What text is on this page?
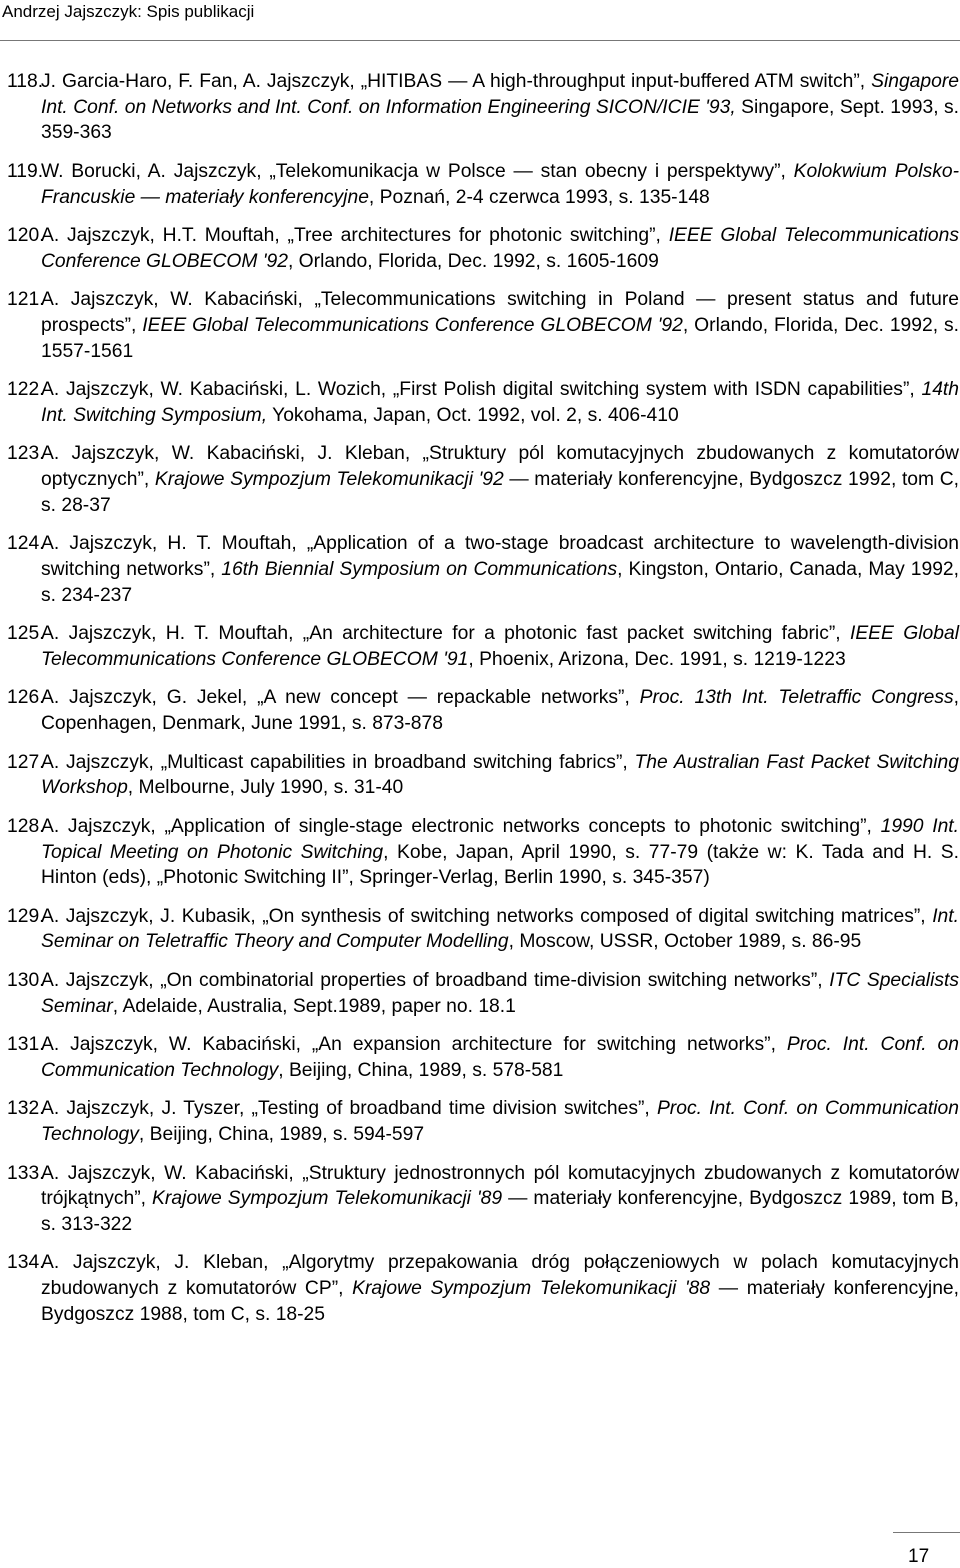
Andrzej Jajszczyk: Spis publikacji

118.J. Garcia-Haro, F. Fan, A. Jajszczyk, „HITIBAS — A high-throughput input-buffered ATM switch”, Singapore Int. Conf. on Networks and Int. Conf. on Information Engineering SICON/ICIE '93, Singapore, Sept. 1993, s. 359-363

119.W. Borucki, A. Jajszczyk, „Telekomunikacja w Polsce — stan obecny i perspektywy”, Kolokwium Polsko-Francuskie — materiały konferencyjne, Poznań, 2-4 czerwca 1993, s. 135-148

120.A. Jajszczyk, H.T. Mouftah, „Tree architectures for photonic switching”, IEEE Global Telecommunications Conference GLOBECOM '92, Orlando, Florida, Dec. 1992, s. 1605-1609

121.A. Jajszczyk, W. Kabaciński, „Telecommunications switching in Poland — present status and future prospects”, IEEE Global Telecommunications Conference GLOBECOM '92, Orlando, Florida, Dec. 1992, s. 1557-1561

122.A. Jajszczyk, W. Kabaciński, L. Wozich, „First Polish digital switching system with ISDN capabilities”, 14th Int. Switching Symposium, Yokohama, Japan, Oct. 1992, vol. 2, s. 406-410

123.A. Jajszczyk, W. Kabaciński, J. Kleban, „Struktury pól komutacyjnych zbudowanych z komutatorów optycznych”, Krajowe Sympozjum Telekomunikacji '92 — materiały konferencyjne, Bydgoszcz 1992, tom C, s. 28-37

124.A. Jajszczyk, H. T. Mouftah, „Application of a two-stage broadcast architecture to wavelength-division switching networks”, 16th Biennial Symposium on Communications, Kingston, Ontario, Canada, May 1992, s. 234-237

125.A. Jajszczyk, H. T. Mouftah, „An architecture for a photonic fast packet switching fabric”, IEEE Global Telecommunications Conference GLOBECOM '91, Phoenix, Arizona, Dec. 1991, s. 1219-1223

126.A. Jajszczyk, G. Jekel, „A new concept — repackable networks”, Proc. 13th Int. Teletraffic Congress, Copenhagen, Denmark, June 1991, s. 873-878

127.A. Jajszczyk, „Multicast capabilities in broadband switching fabrics”, The Australian Fast Packet Switching Workshop, Melbourne, July 1990, s. 31-40

128.A. Jajszczyk, „Application of single-stage electronic networks concepts to photonic switching”, 1990 Int. Topical Meeting on Photonic Switching, Kobe, Japan, April 1990, s. 77-79 (także w: K. Tada and H. S. Hinton (eds), „Photonic Switching II”, Springer-Verlag, Berlin 1990, s. 345-357)

129.A. Jajszczyk, J. Kubasik, „On synthesis of switching networks composed of digital switching matrices”, Int. Seminar on Teletraffic Theory and Computer Modelling, Moscow, USSR, October 1989, s. 86-95

130.A. Jajszczyk, „On combinatorial properties of broadband time-division switching networks”, ITC Specialists Seminar, Adelaide, Australia, Sept.1989, paper no. 18.1

131.A. Jajszczyk, W. Kabaciński, „An expansion architecture for switching networks”, Proc. Int. Conf. on Communication Technology, Beijing, China, 1989, s. 578-581

132.A. Jajszczyk, J. Tyszer, „Testing of broadband time division switches”, Proc. Int. Conf. on Communication Technology, Beijing, China, 1989, s. 594-597

133.A. Jajszczyk, W. Kabaciński, „Struktury jednostronnych pól komutacyjnych zbudowanych z komutatorów trójkątnych”, Krajowe Sympozjum Telekomunikacji '89 — materiały konferencyjne, Bydgoszcz 1989, tom B, s. 313-322

134.A. Jajszczyk, J. Kleban, „Algorytmy przepakowania dróg połączeniowych w polach komutacyjnych zbudowanych z komutatorów CP”, Krajowe Sympozjum Telekomunikacji '88 — materiały konferencyjne, Bydgoszcz 1988, tom C, s. 18-25

17
